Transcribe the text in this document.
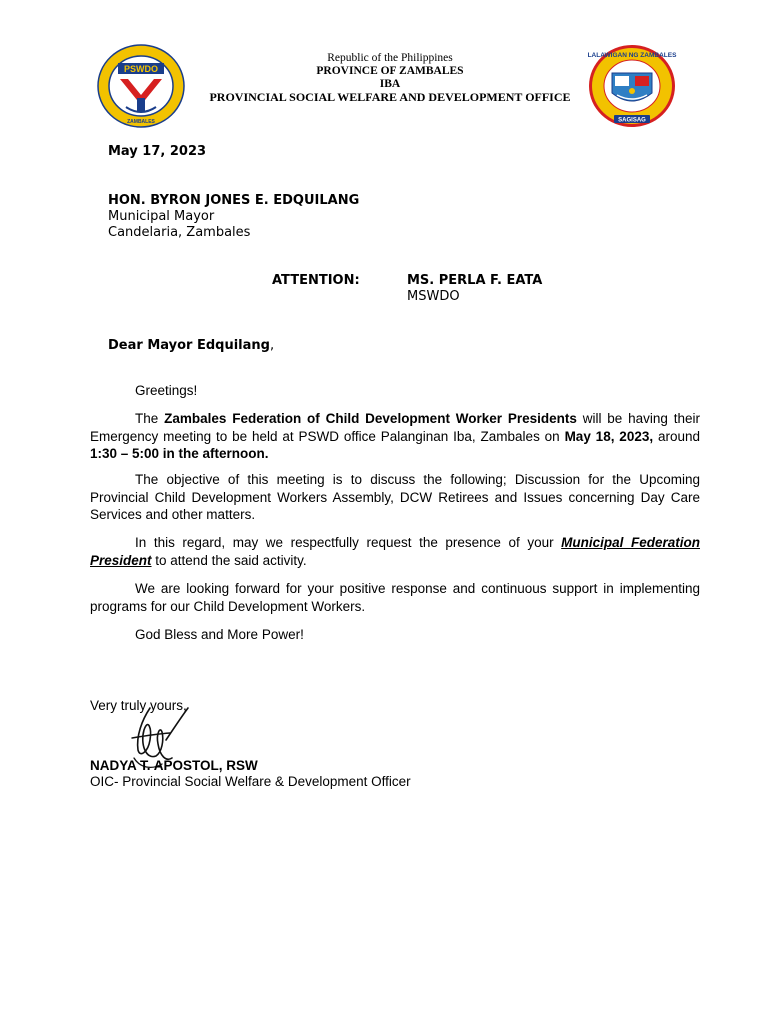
PSWDO
ZAMBALES
LALAWIGAN NG ZAMBALES
SAGISAG
Republic of the Philippines
PROVINCE OF ZAMBALES
IBA
PROVINCIAL SOCIAL WELFARE AND DEVELOPMENT OFFICE
May 17, 2023
HON. BYRON JONES E. EDQUILANG
Municipal Mayor
Candelaria, Zambales
ATTENTION:	MS. PERLA F. EATA
MSWDO
Dear Mayor Edquilang,
Greetings!
The Zambales Federation of Child Development Worker Presidents will be having their Emergency meeting to be held at PSWD office Palanginan Iba, Zambales on May 18, 2023, around 1:30 – 5:00 in the afternoon.
The objective of this meeting is to discuss the following; Discussion for the Upcoming Provincial Child Development Workers Assembly, DCW Retirees and Issues concerning Day Care Services and other matters.
In this regard, may we respectfully request the presence of your Municipal Federation President to attend the said activity.
We are looking forward for your positive response and continuous support in implementing programs for our Child Development Workers.
God Bless and More Power!
Very truly yours,
NADYA T. APOSTOL, RSW
OIC- Provincial Social Welfare & Development Officer
